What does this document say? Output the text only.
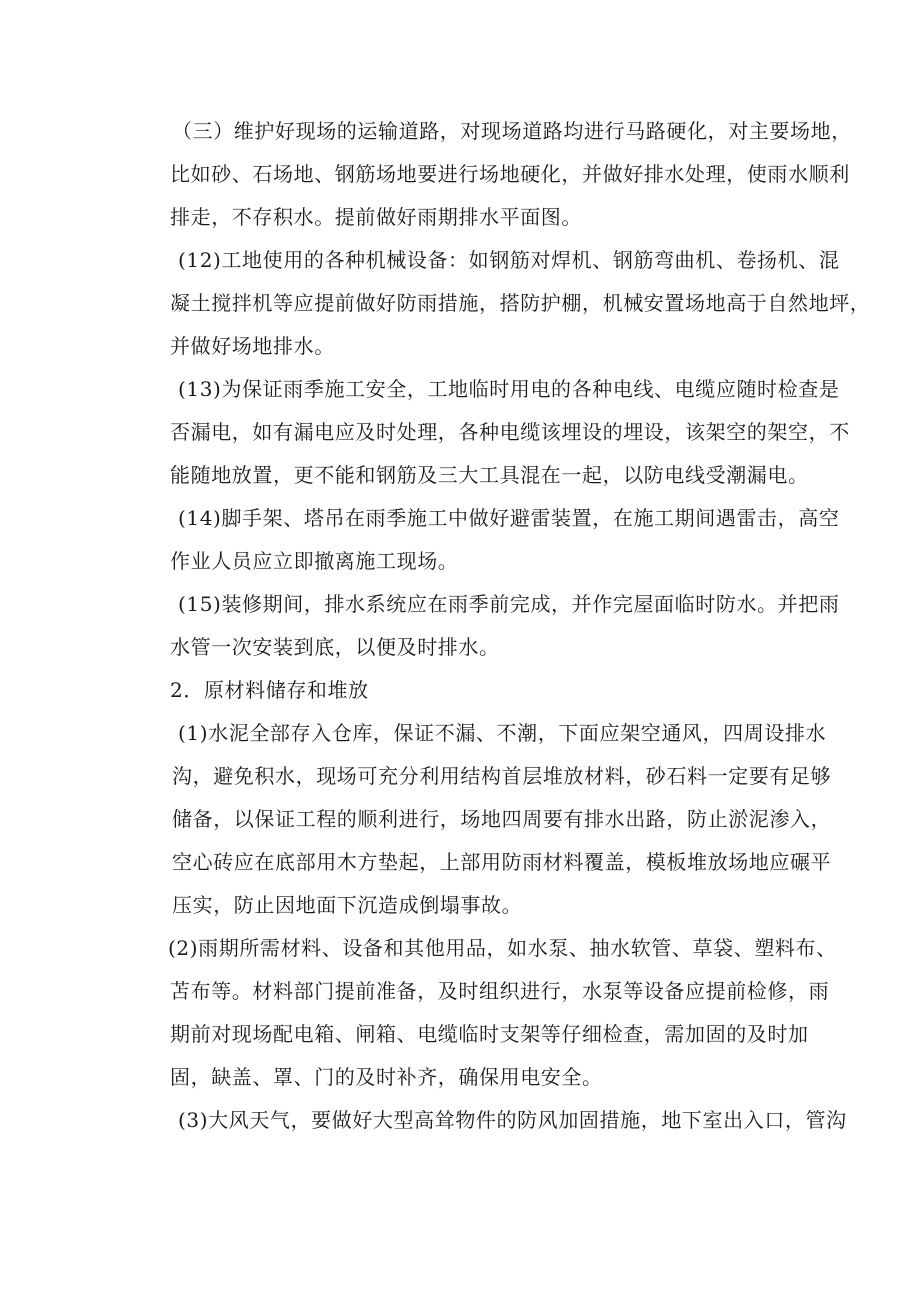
（三）维护好现场的运输道路，对现场道路均进行马路硬化，对主要场地，
比如砂、石场地、钢筋场地要进行场地硬化，并做好排水处理，使雨水顺利
排走，不存积水。提前做好雨期排水平面图。
(12)工地使用的各种机械设备：如钢筋对焊机、钢筋弯曲机、卷扬机、混
凝土搅拌机等应提前做好防雨措施，搭防护棚，机械安置场地高于自然地坪，
并做好场地排水。
(13)为保证雨季施工安全，工地临时用电的各种电线、电缆应随时检查是
否漏电，如有漏电应及时处理，各种电缆该埋设的埋设，该架空的架空，不
能随地放置，更不能和钢筋及三大工具混在一起，以防电线受潮漏电。
(14)脚手架、塔吊在雨季施工中做好避雷装置，在施工期间遇雷击，高空
作业人员应立即撤离施工现场。
(15)装修期间，排水系统应在雨季前完成，并作完屋面临时防水。并把雨
水管一次安装到底，以便及时排水。
2．原材料储存和堆放
(1)水泥全部存入仓库，保证不漏、不潮，下面应架空通风，四周设排水
沟，避免积水，现场可充分利用结构首层堆放材料，砂石料一定要有足够
储备，以保证工程的顺利进行，场地四周要有排水出路，防止淤泥渗入，
空心砖应在底部用木方垫起，上部用防雨材料覆盖，模板堆放场地应碾平
压实，防止因地面下沉造成倒塌事故。
(2)雨期所需材料、设备和其他用品，如水泵、抽水软管、草袋、塑料布、
苫布等。材料部门提前准备，及时组织进行，水泵等设备应提前检修，雨
期前对现场配电箱、闸箱、电缆临时支架等仔细检查，需加固的及时加
固，缺盖、罩、门的及时补齐，确保用电安全。
(3)大风天气，要做好大型高耸物件的防风加固措施，地下室出入口，管沟
